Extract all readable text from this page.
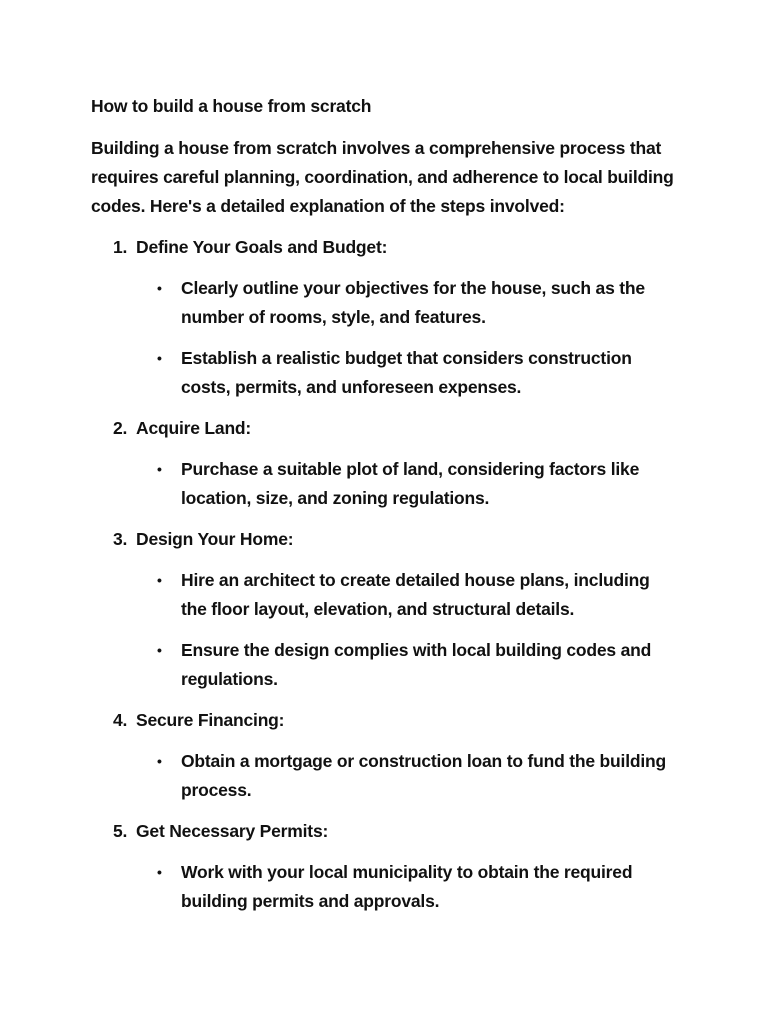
How to build a house from scratch
Building a house from scratch involves a comprehensive process that requires careful planning, coordination, and adherence to local building codes. Here's a detailed explanation of the steps involved:
1. Define Your Goals and Budget:
• Clearly outline your objectives for the house, such as the number of rooms, style, and features.
• Establish a realistic budget that considers construction costs, permits, and unforeseen expenses.
2. Acquire Land:
• Purchase a suitable plot of land, considering factors like location, size, and zoning regulations.
3. Design Your Home:
• Hire an architect to create detailed house plans, including the floor layout, elevation, and structural details.
• Ensure the design complies with local building codes and regulations.
4. Secure Financing:
• Obtain a mortgage or construction loan to fund the building process.
5. Get Necessary Permits:
• Work with your local municipality to obtain the required building permits and approvals.
